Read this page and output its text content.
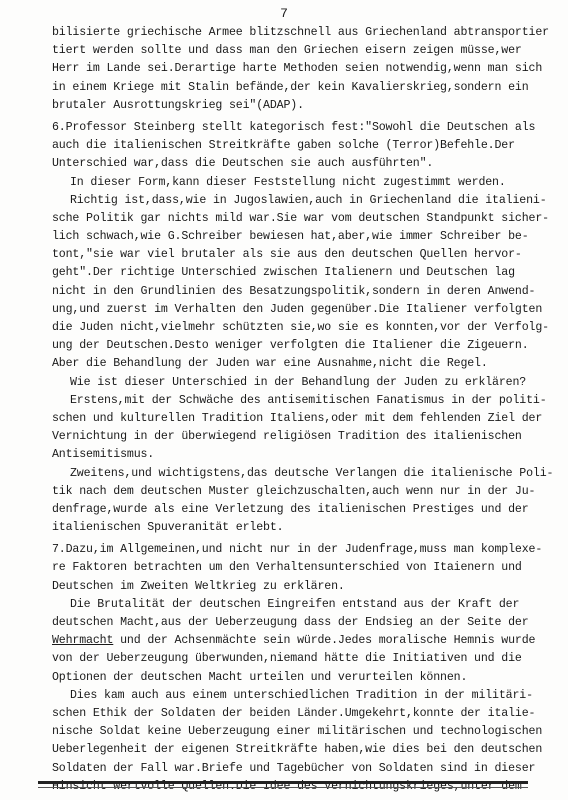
7
bilisierte griechische Armee blitzschnell aus Griechenland abtransportier
tiert werden sollte und dass man den Griechen eisern zeigen müsse,wer
Herr im Lande sei.Derartige harte Methoden seien notwendig,wenn man sich
in einem Kriege mit Stalin befände,der kein Kavalierskrieg,sondern ein
brutaler Ausrottungskrieg sei"(ADAP).
6.Professor Steinberg stellt kategorisch fest:"Sowohl die Deutschen als
auch die italienischen Streitkräfte gaben solche (Terror)Befehle.Der
Unterschied war,dass die Deutschen sie auch ausführten".
In dieser Form,kann dieser Feststellung nicht zugestimmt werden.
Richtig ist,dass,wie in Jugoslawien,auch in Griechenland die italieni-
sche Politik gar nichts mild war.Sie war vom deutschen Standpunkt sicher-
lich schwach,wie G.Schreiber bewiesen hat,aber,wie immer Schreiber be-
tont,"sie war viel brutaler als sie aus den deutschen Quellen hervor-
geht".Der richtige Unterschied zwischen Italienern und Deutschen lag
nicht in den Grundlinien des Besatzungspolitik,sondern in deren Anwend-
ung,und zuerst im Verhalten den Juden gegenüber.Die Italiener verfolgten
die Juden nicht,vielmehr schützten sie,wo sie es konnten,vor der Verfolg-
ung der Deutschen.Desto weniger verfolgten die Italiener die Zigeuern.
Aber die Behandlung der Juden war eine Ausnahme,nicht die Regel.
Wie ist dieser Unterschied in der Behandlung der Juden zu erklären?
Erstens,mit der Schwäche des antisemitischen Fanatismus in der politi-
schen und kulturellen Tradition Italiens,oder mit dem fehlenden Ziel der
Vernichtung in der überwiegend religiösen Tradition des italienischen
Antisemitismus.
Zweitens,und wichtigstens,das deutsche Verlangen die italienische Poli-
tik nach dem deutschen Muster gleichzuschalten,auch wenn nur in der Ju-
denfrage,wurde als eine Verletzung des italienischen Prestiges und der
italienischen Spuveranität erlebt.
7.Dazu,im Allgemeinen,und nicht nur in der Judenfrage,muss man komplexe-
re Faktoren betrachten um den Verhaltensunterschied von Itaienern und
Deutschen im Zweiten Weltkrieg zu erklären.
Die Brutalität der deutschen Eingreifen entstand aus der Kraft der
deutschen Macht,aus der Ueberzeugung dass der Endsieg an der Seite der
Wehrmacht und der Achsenmächte sein würde.Jedes moralische Hemnis wurde
von der Ueberzeugung überwunden,niemand hätte die Initiativen und die
Optionen der deutschen Macht urteilen und verurteilen können.
Dies kam auch aus einem unterschiedlichen Tradition in der militäri-
schen Ethik der Soldaten der beiden Länder.Umgekehrt,konnte der italie-
nische Soldat keine Ueberzeugung einer militärischen und technologischen
Ueberlegenheit der eigenen Streitkräfte haben,wie dies bei den deutschen
Soldaten der Fall war.Briefe und Tagebücher von Soldaten sind in dieser
